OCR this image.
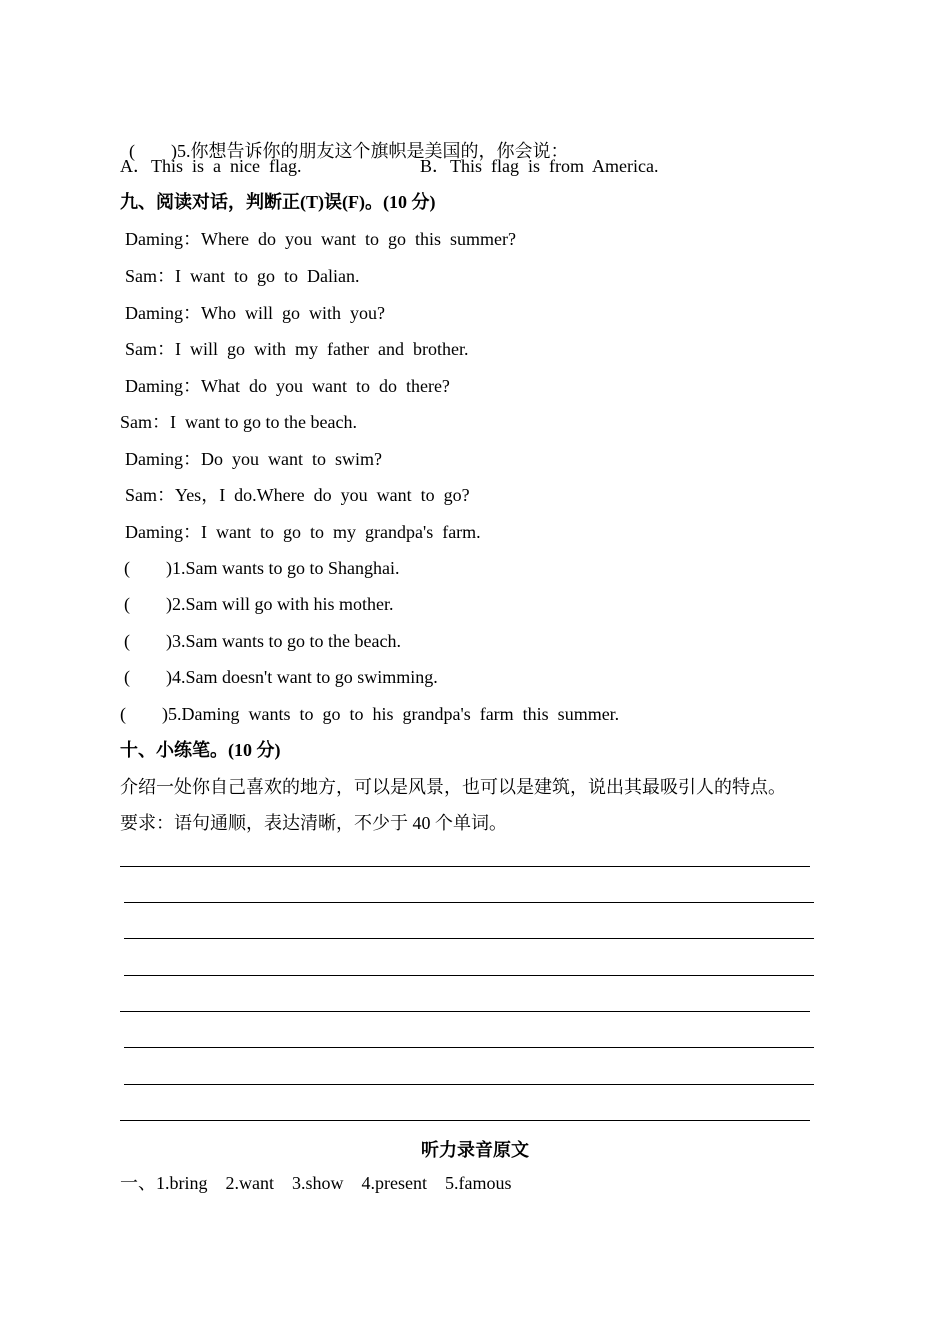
(        )5.你想告诉你的朋友这个旗帜是美国的，你会说：

A．This  is  a  nice  flag.	B．This  flag  is  from  America.
九、阅读对话，判断正(T)误(F)。(10 分)
Daming：Where  do  you  want  to  go  this  summer?
Sam：I  want  to  go  to  Dalian.
Daming：Who  will  go  with  you?
Sam：I  will  go  with  my  father  and  brother.
Daming：What  do  you  want  to  do  there?
Sam：I  want to go to the beach.
Daming：Do  you  want  to  swim?
Sam：Yes，I  do.Where  do  you  want  to  go?
Daming：I  want  to  go  to  my  grandpa's  farm.
(        )1.Sam wants to go to Shanghai.
(        )2.Sam will go with his mother.
(        )3.Sam wants to go to the beach.
(        )4.Sam doesn't want to go swimming.
(        )5.Daming  wants  to  go  to  his  grandpa's  farm  this  summer.
十、小练笔。(10 分)
介绍一处你自己喜欢的地方，可以是风景，也可以是建筑，说出其最吸引人的特点。
要求：语句通顺，表达清晰，不少于 40 个单词。
听力录音原文
一、1.bring    2.want    3.show    4.present    5.famous
